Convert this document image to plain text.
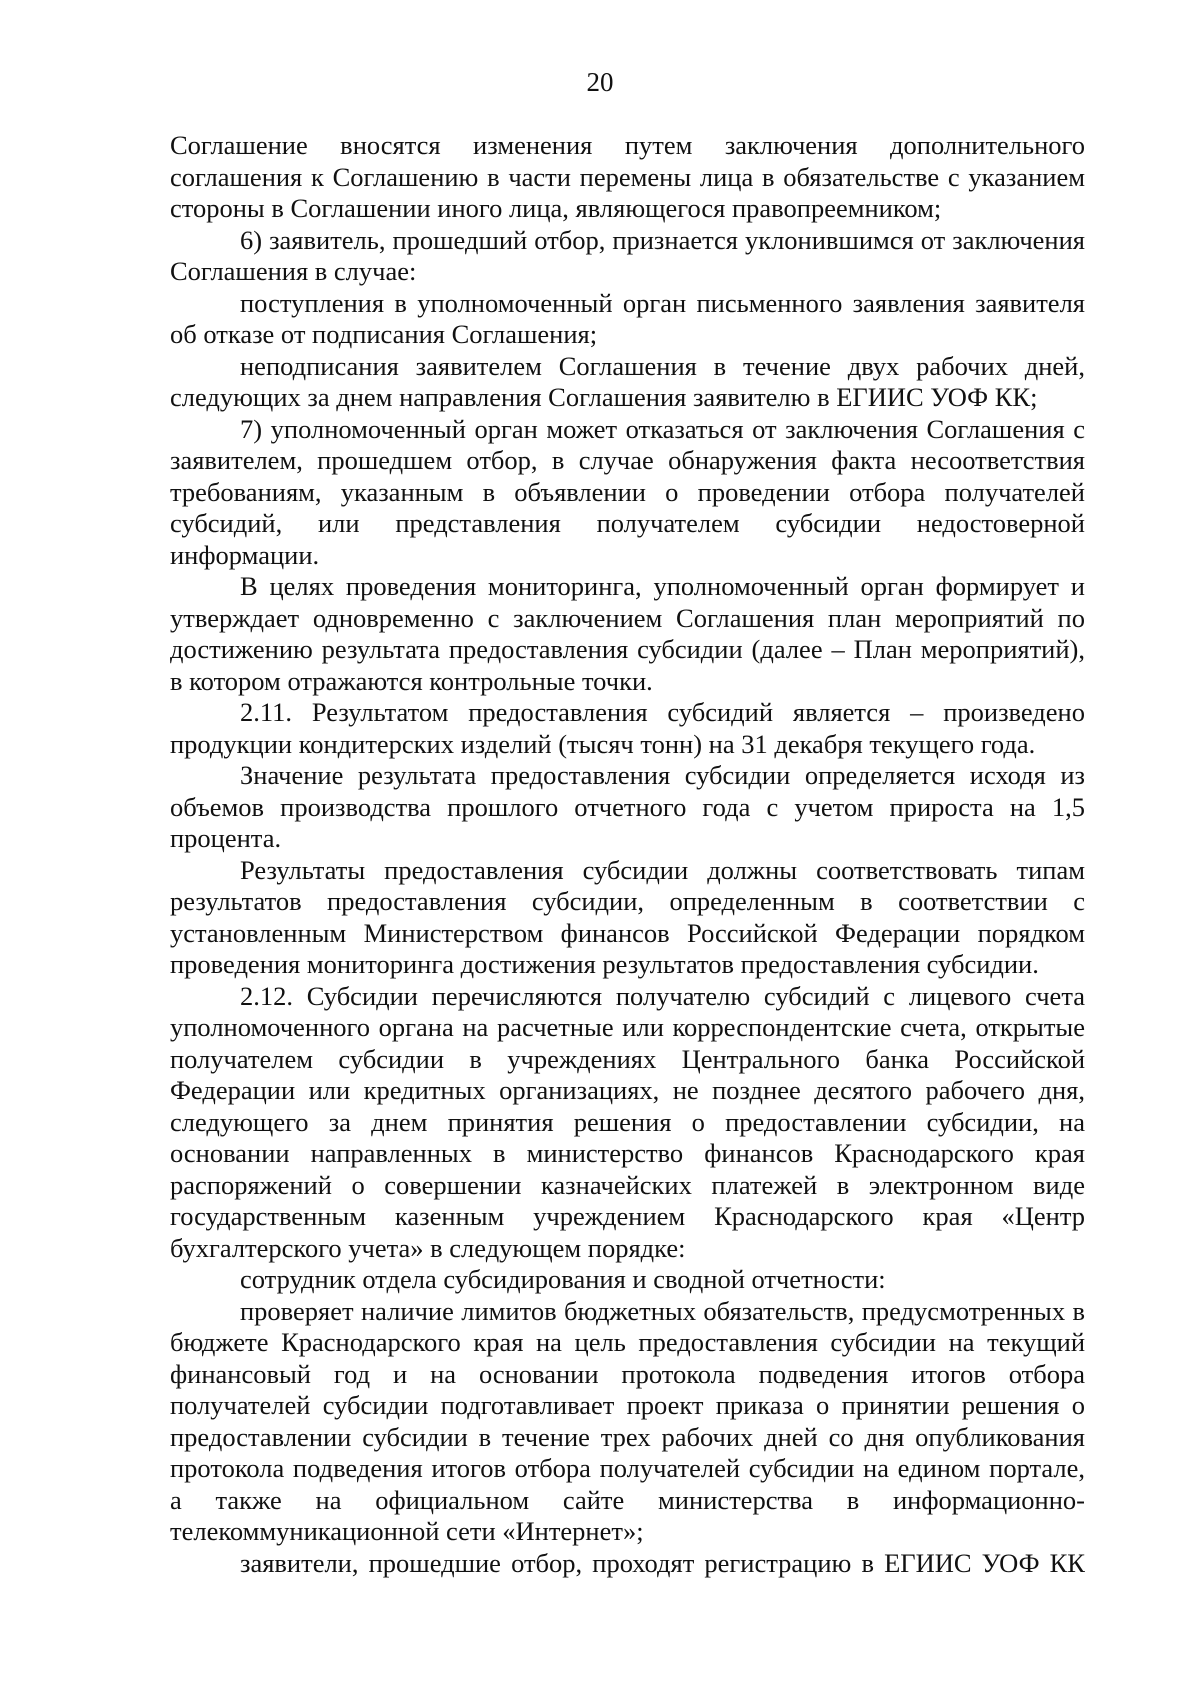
20

Соглашение вносятся изменения путем заключения дополнительного соглашения к Соглашению в части перемены лица в обязательстве с указанием стороны в Соглашении иного лица, являющегося правопреемником;

6) заявитель, прошедший отбор, признается уклонившимся от заключения Соглашения в случае:

поступления в уполномоченный орган письменного заявления заявителя об отказе от подписания Соглашения;

неподписания заявителем Соглашения в течение двух рабочих дней, следующих за днем направления Соглашения заявителю в ЕГИИС УОФ КК;

7) уполномоченный орган может отказаться от заключения Соглашения с заявителем, прошедшем отбор, в случае обнаружения факта несоответствия требованиям, указанным в объявлении о проведении отбора получателей субсидий, или представления получателем субсидии недостоверной информации.

В целях проведения мониторинга, уполномоченный орган формирует и утверждает одновременно с заключением Соглашения план мероприятий по достижению результата предоставления субсидии (далее – План мероприятий), в котором отражаются контрольные точки.

2.11. Результатом предоставления субсидий является – произведено продукции кондитерских изделий (тысяч тонн) на 31 декабря текущего года.

Значение результата предоставления субсидии определяется исходя из объемов производства прошлого отчетного года с учетом прироста на 1,5 процента.

Результаты предоставления субсидии должны соответствовать типам результатов предоставления субсидии, определенным в соответствии с установленным Министерством финансов Российской Федерации порядком проведения мониторинга достижения результатов предоставления субсидии.

2.12. Субсидии перечисляются получателю субсидий с лицевого счета уполномоченного органа на расчетные или корреспондентские счета, открытые получателем субсидии в учреждениях Центрального банка Российской Федерации или кредитных организациях, не позднее десятого рабочего дня, следующего за днем принятия решения о предоставлении субсидии, на основании направленных в министерство финансов Краснодарского края распоряжений о совершении казначейских платежей в электронном виде государственным казенным учреждением Краснодарского края «Центр бухгалтерского учета» в следующем порядке:

сотрудник отдела субсидирования и сводной отчетности:

проверяет наличие лимитов бюджетных обязательств, предусмотренных в бюджете Краснодарского края на цель предоставления субсидии на текущий финансовый год и на основании протокола подведения итогов отбора получателей субсидии подготавливает проект приказа о принятии решения о предоставлении субсидии в течение трех рабочих дней со дня опубликования протокола подведения итогов отбора получателей субсидии на едином портале, а также на официальном сайте министерства в информационно-телекоммуникационной сети «Интернет»;

заявители, прошедшие отбор, проходят регистрацию в ЕГИИС УОФ КК
